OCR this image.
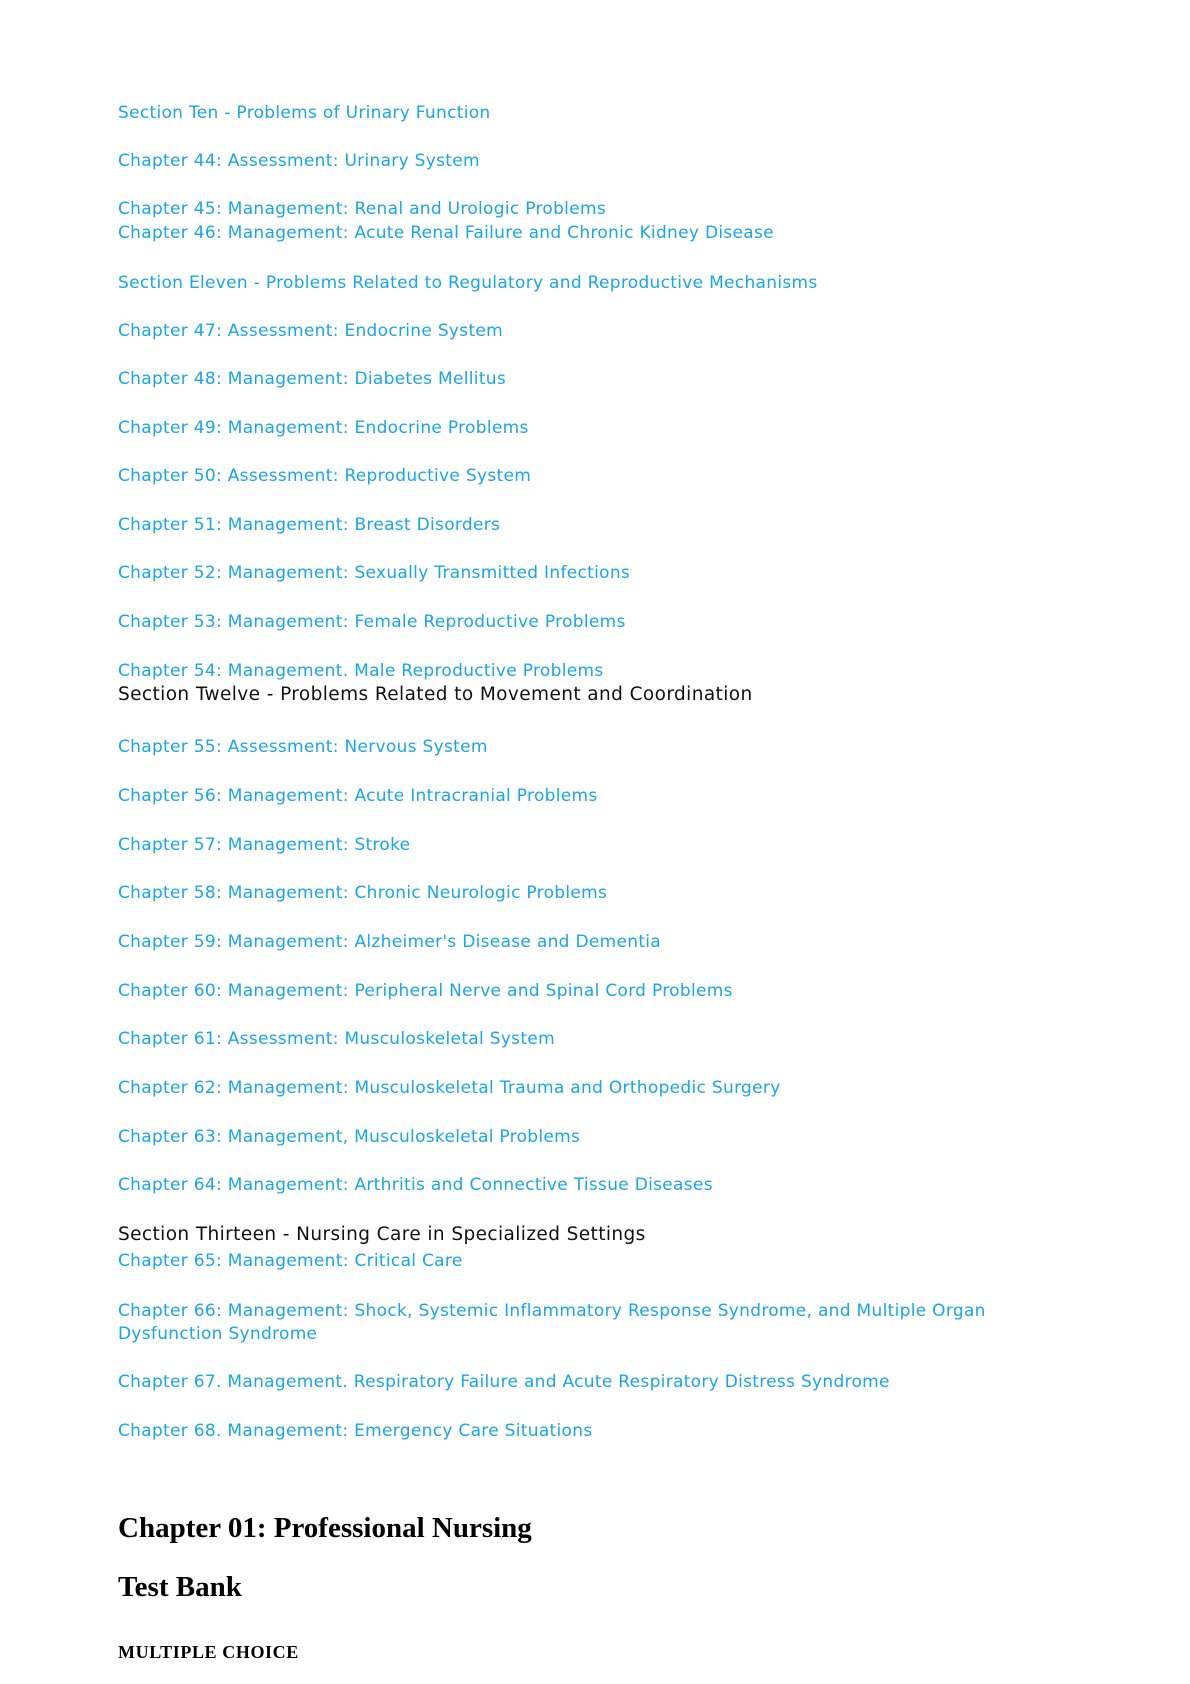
Section Ten - Problems of Urinary Function
Chapter 44: Assessment: Urinary System
Chapter 45: Management: Renal and Urologic Problems
Chapter 46: Management: Acute Renal Failure and Chronic Kidney Disease
Section Eleven - Problems Related to Regulatory and Reproductive Mechanisms
Chapter 47: Assessment: Endocrine System
Chapter 48: Management: Diabetes Mellitus
Chapter 49: Management: Endocrine Problems
Chapter 50: Assessment: Reproductive System
Chapter 51: Management: Breast Disorders
Chapter 52: Management: Sexually Transmitted Infections
Chapter 53: Management: Female Reproductive Problems
Chapter 54: Management. Male Reproductive Problems
Section Twelve - Problems Related to Movement and Coordination
Chapter 55: Assessment: Nervous System
Chapter 56: Management: Acute Intracranial Problems
Chapter 57: Management: Stroke
Chapter 58: Management: Chronic Neurologic Problems
Chapter 59: Management: Alzheimer's Disease and Dementia
Chapter 60: Management: Peripheral Nerve and Spinal Cord Problems
Chapter 61: Assessment: Musculoskeletal System
Chapter 62: Management: Musculoskeletal Trauma and Orthopedic Surgery
Chapter 63: Management, Musculoskeletal Problems
Chapter 64: Management: Arthritis and Connective Tissue Diseases
Section Thirteen - Nursing Care in Specialized Settings
Chapter 65: Management: Critical Care
Chapter 66: Management: Shock, Systemic Inflammatory Response Syndrome, and Multiple Organ
Dysfunction Syndrome
Chapter 67. Management. Respiratory Failure and Acute Respiratory Distress Syndrome
Chapter 68. Management: Emergency Care Situations
Chapter 01: Professional Nursing
Test Bank
MULTIPLE CHOICE
